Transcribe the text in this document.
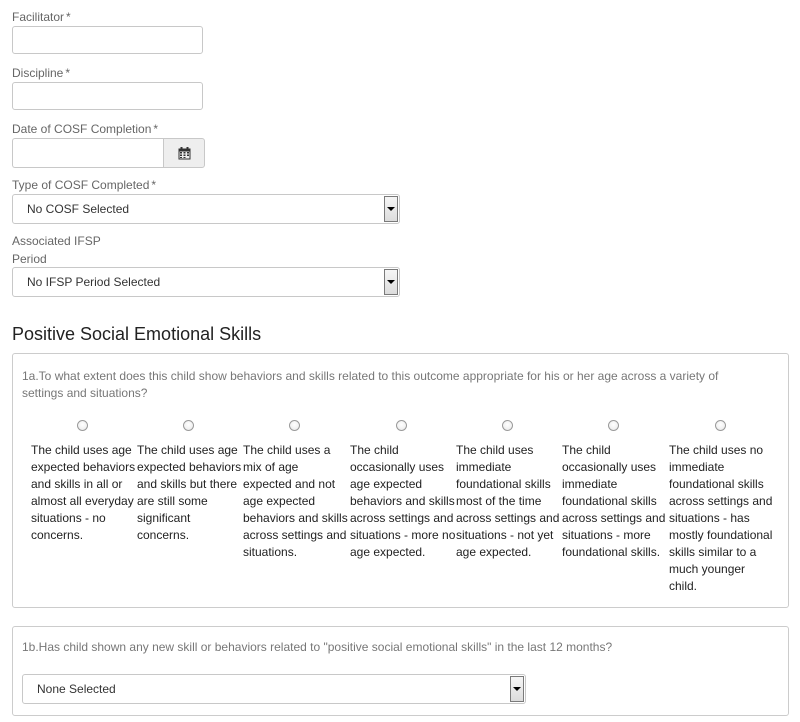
Facilitator *
Discipline *
Date of COSF Completion *
Type of COSF Completed *
No COSF Selected
Associated IFSP
Period
No IFSP Period Selected
Positive Social Emotional Skills
1a.To what extent does this child show behaviors and skills related to this outcome appropriate for his or her age across a variety of settings and situations?
The child uses age expected behaviors and skills in all or almost all everyday situations - no concerns.
The child uses age expected behaviors and skills but there are still some significant concerns.
The child uses a mix of age expected and not age expected behaviors and skills across settings and situations.
The child occasionally uses age expected behaviors and skills across settings and situations - more no age expected.
The child uses immediate foundational skills most of the time across settings and situations - not yet age expected.
The child occasionally uses immediate foundational skills across settings and situations - more foundational skills.
The child uses no immediate foundational skills across settings and situations - has mostly foundational skills similar to a much younger child.
1b.Has child shown any new skill or behaviors related to "positive social emotional skills" in the last 12 months?
None Selected
